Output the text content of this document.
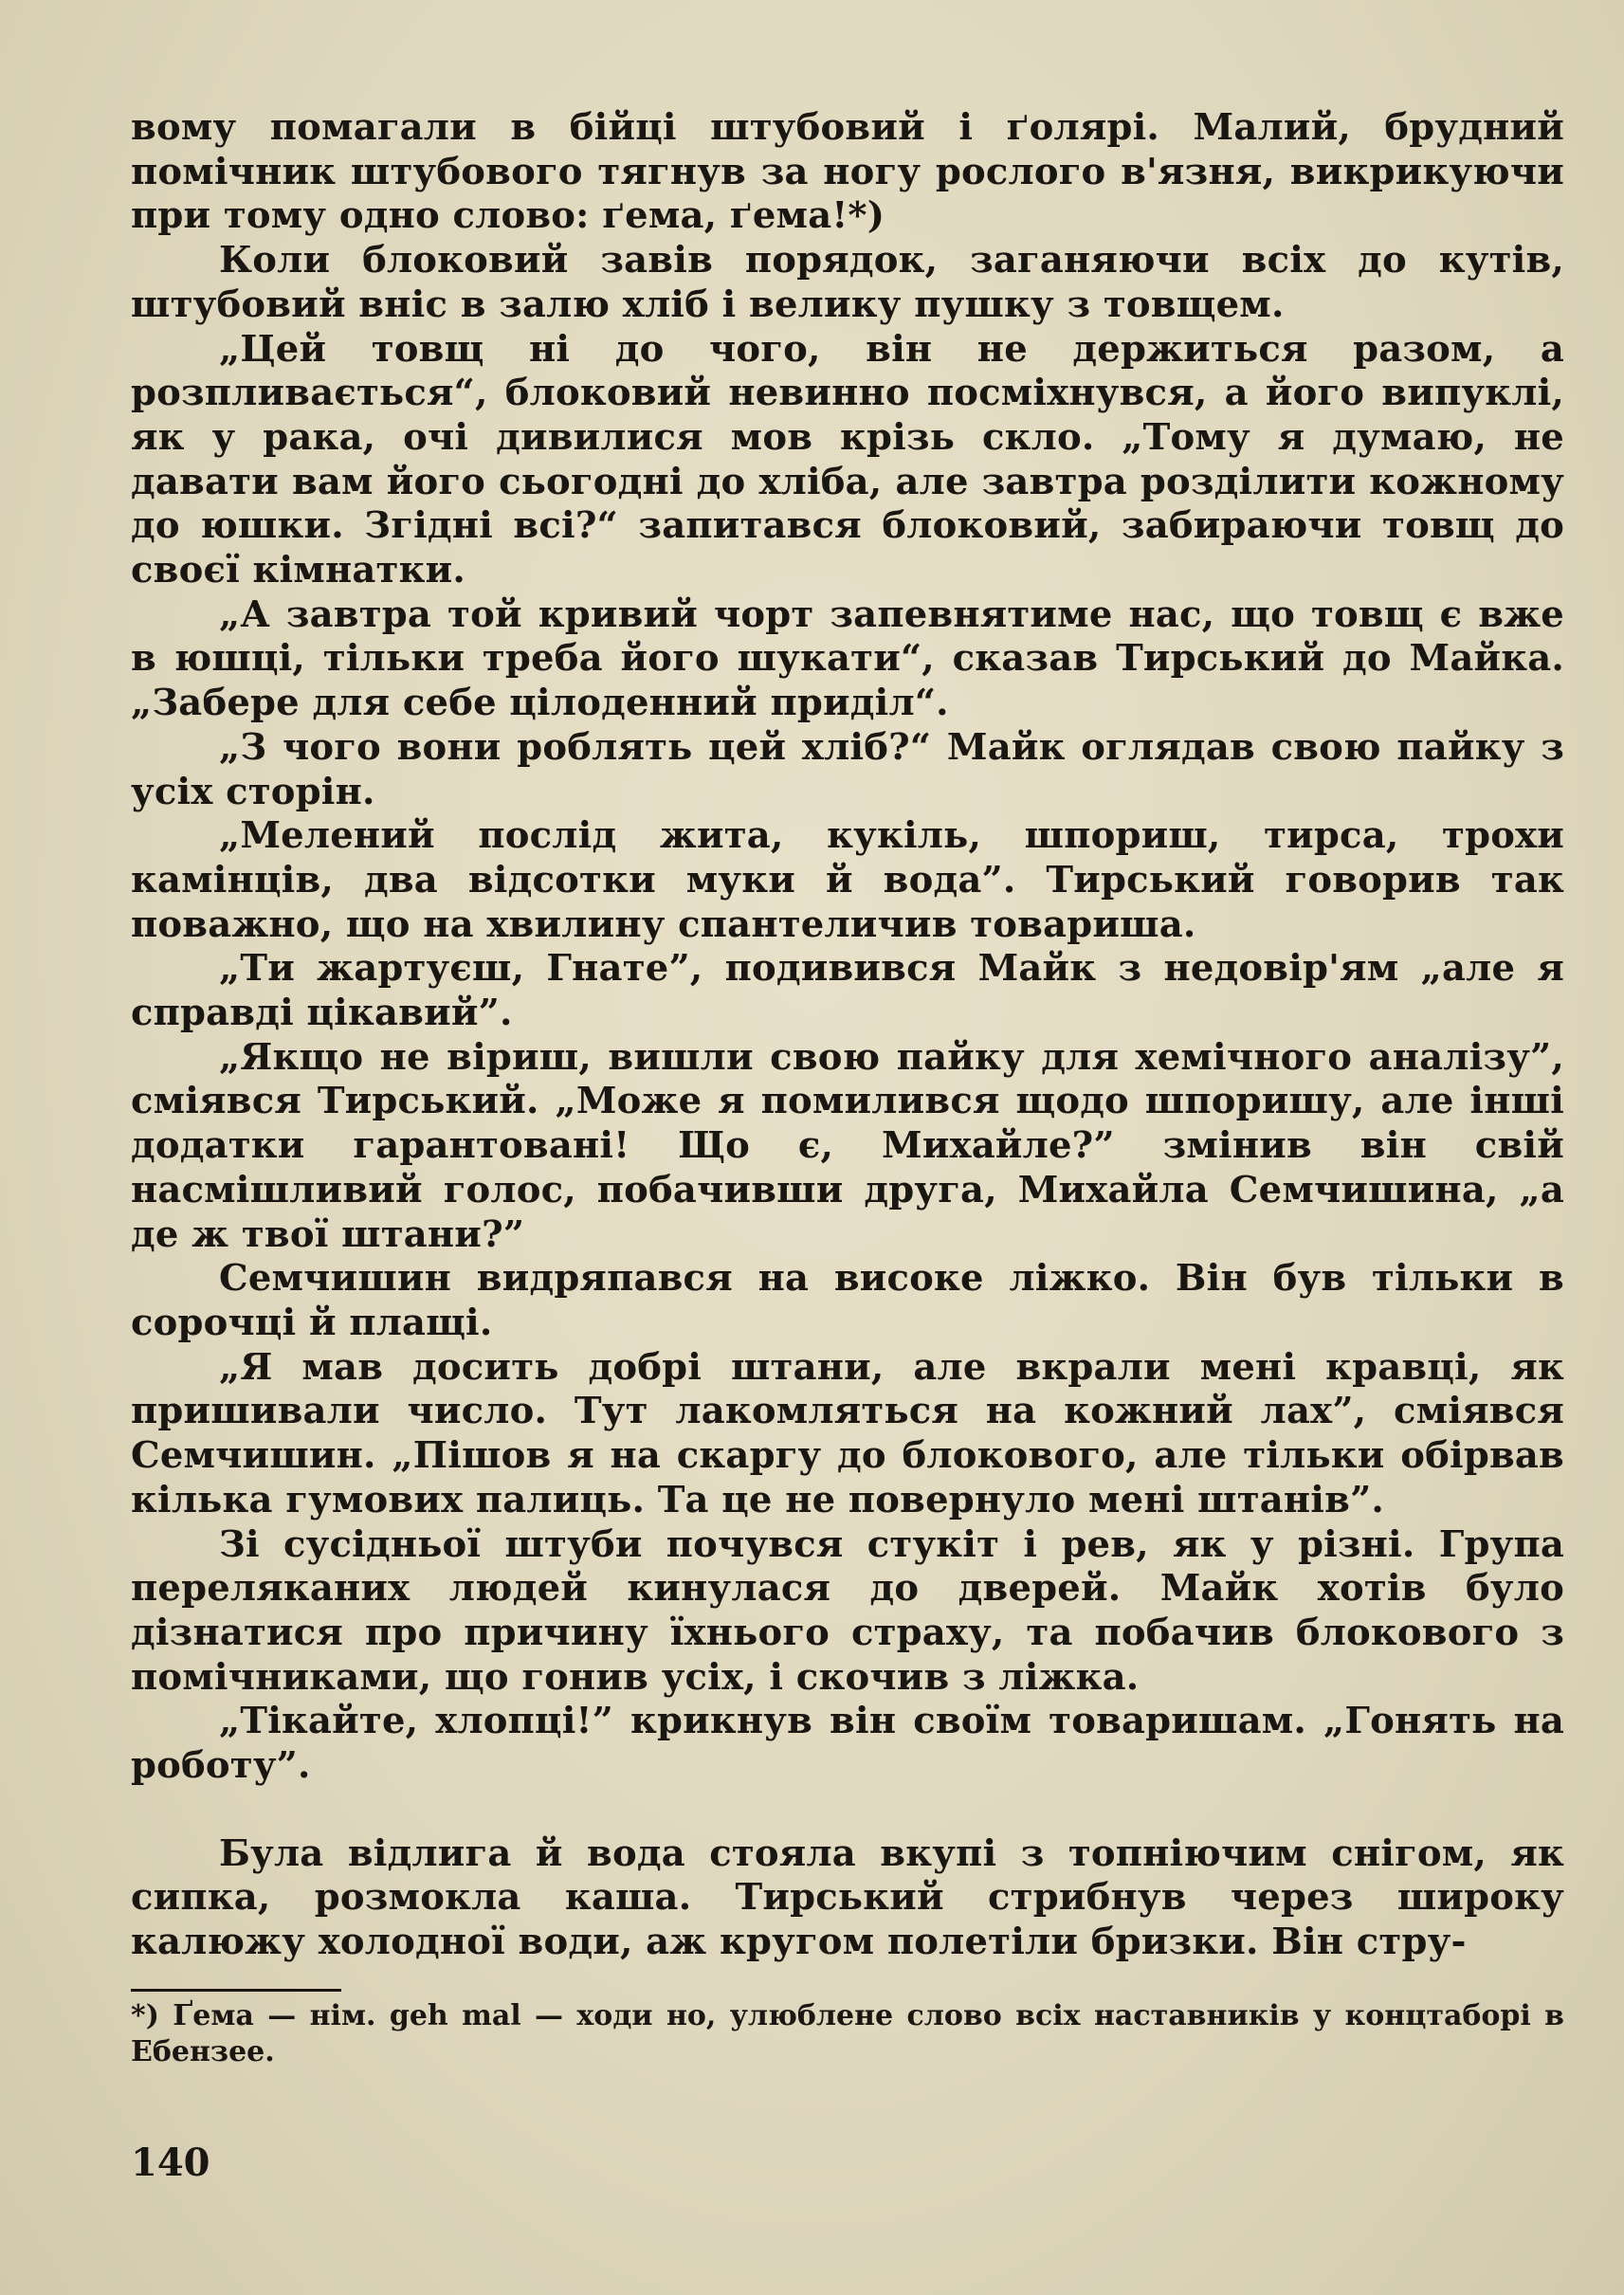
вому помагали в бійці штубовий і ґолярі. Малий, брудний помічник штубового тягнув за ногу рослого в'язня, викрикуючи при тому одно слово: ґема, ґема!*)

Коли блоковий завів порядок, заганяючи всіх до кутів, штубовий вніс в залю хліб і велику пушку з товщем.

„Цей товщ ні до чого, він не держиться разом, а розпливається“, блоковий невинно посміхнувся, а його випуклі, як у рака, очі дивилися мов крізь скло. „Тому я думаю, не давати вам його сьогодні до хліба, але завтра розділити кожному до юшки. Згідні всі?“ запитався блоковий, забираючи товщ до своєї кімнатки.

„А завтра той кривий чорт запевнятиме нас, що товщ є вже в юшці, тільки треба його шукати“, сказав Тирський до Майка. „Забере для себе цілоденний приділ“.

„З чого вони роблять цей хліб?“ Майк оглядав свою пайку з усіх сторін.

„Мелений послід жита, кукіль, шпориш, тирса, трохи камінців, два відсотки муки й вода”. Тирський говорив так поважно, що на хвилину спантеличив товариша.

„Ти жартуєш, Гнате”, подивився Майк з недовір'ям „але я справді цікавий”.

„Якщо не віриш, вишли свою пайку для хемічного аналізу”, сміявся Тирський. „Може я помилився щодо шпоришу, але інші додатки гарантовані! Що є, Михайле?” змінив він свій насмішливий голос, побачивши друга, Михайла Семчишина, „а де ж твої штани?”

Семчишин видряпався на високе ліжко. Він був тільки в сорочці й плащі.

„Я мав досить добрі штани, але вкрали мені кравці, як пришивали число. Тут лакомляться на кожний лах”, сміявся Семчишин. „Пішов я на скаргу до блокового, але тільки обірвав кілька гумових палиць. Та це не повернуло мені штанів”.

Зі сусідньої штуби почувся стукіт і рев, як у різні. Група переляканих людей кинулася до дверей. Майк хотів було дізнатися про причину їхнього страху, та побачив блокового з помічниками, що гонив усіх, і скочив з ліжка.

„Тікайте, хлопці!” крикнув він своїм товаришам. „Гонять на роботу”.

Була відлига й вода стояла вкупі з топніючим снігом, як сипка, розмокла каша. Тирський стрибнув через широку калюжу холодної води, аж кругом полетіли бризки. Він стру-

*) Ґема — нім. geh mal — ходи но, улюблене слово всіх наставників у концтаборі в Ебензее.

140
